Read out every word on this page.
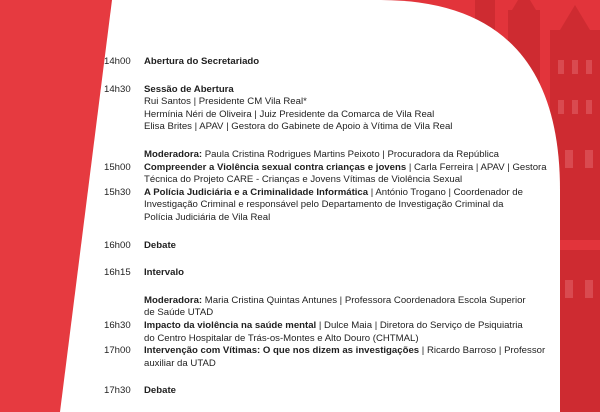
14h00	Abertura do Secretariado
14h30	Sessão de Abertura
Rui Santos | Presidente CM Vila Real*
Hermínia Néri de Oliveira | Juiz Presidente da Comarca de Vila Real
Elisa Brites | APAV | Gestora do Gabinete de Apoio à Vítima de Vila Real
Moderadora: Paula Cristina Rodrigues Martins Peixoto | Procuradora da República
15h00	Compreender a Violência sexual contra crianças e jovens | Carla Ferreira | APAV | Gestora
Técnica do Projeto CARE - Crianças e Jovens Vítimas de Violência Sexual
15h30	A Polícia Judiciária e a Criminalidade Informática | António Trogano | Coordenador de
Investigação Criminal e responsável pelo Departamento de Investigação Criminal da
Polícia Judiciária de Vila Real
16h00	Debate
16h15	Intervalo
Moderadora: Maria Cristina Quintas Antunes | Professora Coordenadora Escola Superior
de Saúde UTAD
16h30	Impacto da violência na saúde mental | Dulce Maia | Diretora do Serviço de Psiquiatria
do Centro Hospitalar de Trás-os-Montes e Alto Douro (CHTMAL)
17h00	Intervenção com Vítimas: O que nos dizem as investigações | Ricardo Barroso | Professor
auxiliar da UTAD
17h30	Debate
